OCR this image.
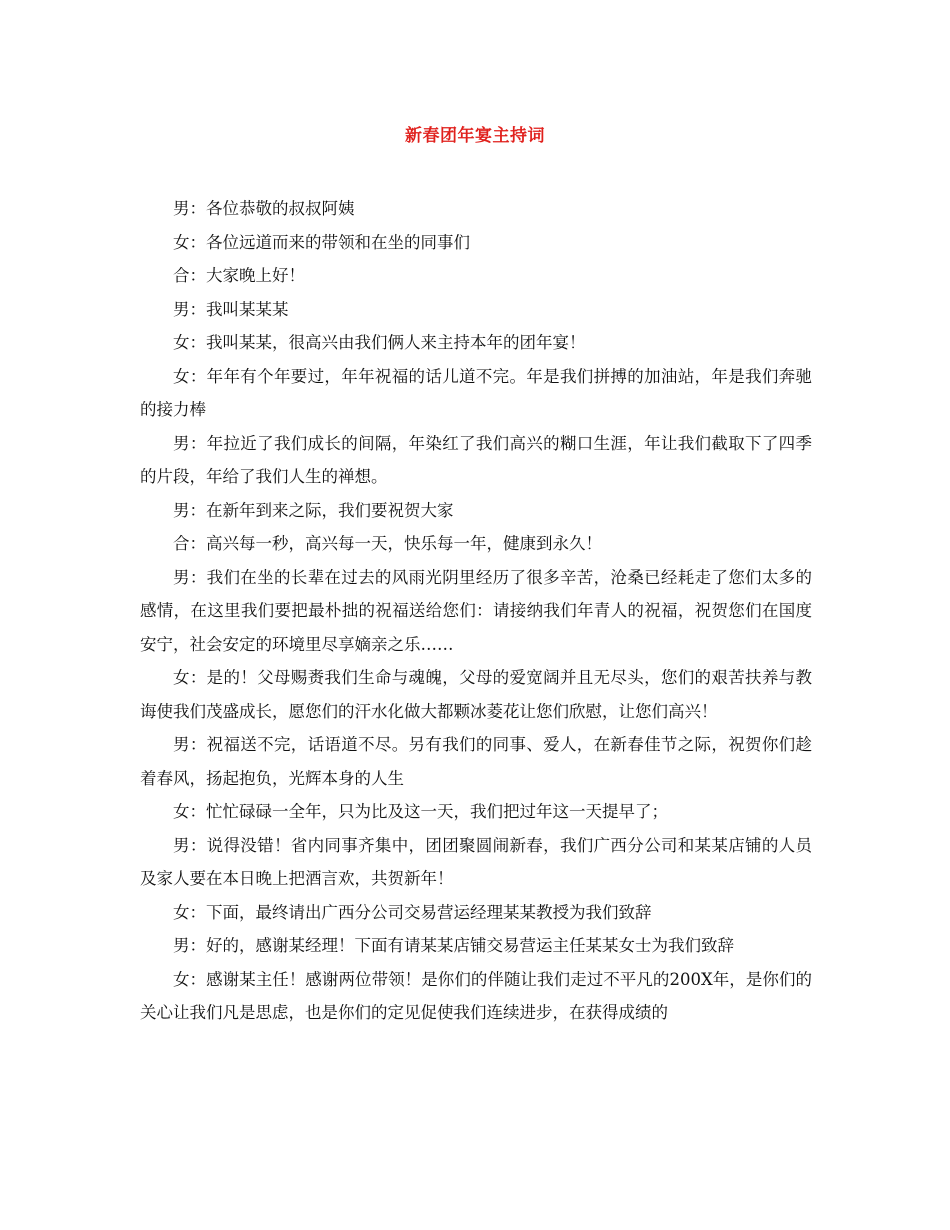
新春团年宴主持词

男：各位恭敬的叔叔阿姨

女：各位远道而来的带领和在坐的同事们

合：大家晚上好！

男：我叫某某某

女：我叫某某，很高兴由我们俩人来主持本年的团年宴！

女：年年有个年要过，年年祝福的话儿道不完。年是我们拼搏的加油站，年是我们奔驰的接力棒

男：年拉近了我们成长的间隔，年染红了我们高兴的糊口生涯，年让我们截取下了四季的片段，年给了我们人生的禅想。

男：在新年到来之际，我们要祝贺大家

合：高兴每一秒，高兴每一天，快乐每一年，健康到永久！

男：我们在坐的长辈在过去的风雨光阴里经历了很多辛苦，沧桑已经耗走了您们太多的感情，在这里我们要把最朴拙的祝福送给您们：请接纳我们年青人的祝福，祝贺您们在国度安宁，社会安定的环境里尽享嫡亲之乐……

女：是的！父母赐赉我们生命与魂魄，父母的爱宽阔并且无尽头，您们的艰苦扶养与教诲使我们茂盛成长，愿您们的汗水化做大都颗冰菱花让您们欣慰，让您们高兴！

男：祝福送不完，话语道不尽。另有我们的同事、爱人，在新春佳节之际，祝贺你们趁着春风，扬起抱负，光辉本身的人生

女：忙忙碌碌一全年，只为比及这一天，我们把过年这一天提早了；

男：说得没错！省内同事齐集中，团团聚圆闹新春，我们广西分公司和某某店铺的人员及家人要在本日晚上把酒言欢，共贺新年！

女：下面，最终请出广西分公司交易营运经理某某教授为我们致辞

男：好的，感谢某经理！下面有请某某店铺交易营运主任某某女士为我们致辞

女：感谢某主任！感谢两位带领！是你们的伴随让我们走过不平凡的200X年，是你们的关心让我们凡是思虑，也是你们的定见促使我们连续进步，在获得成绩的
